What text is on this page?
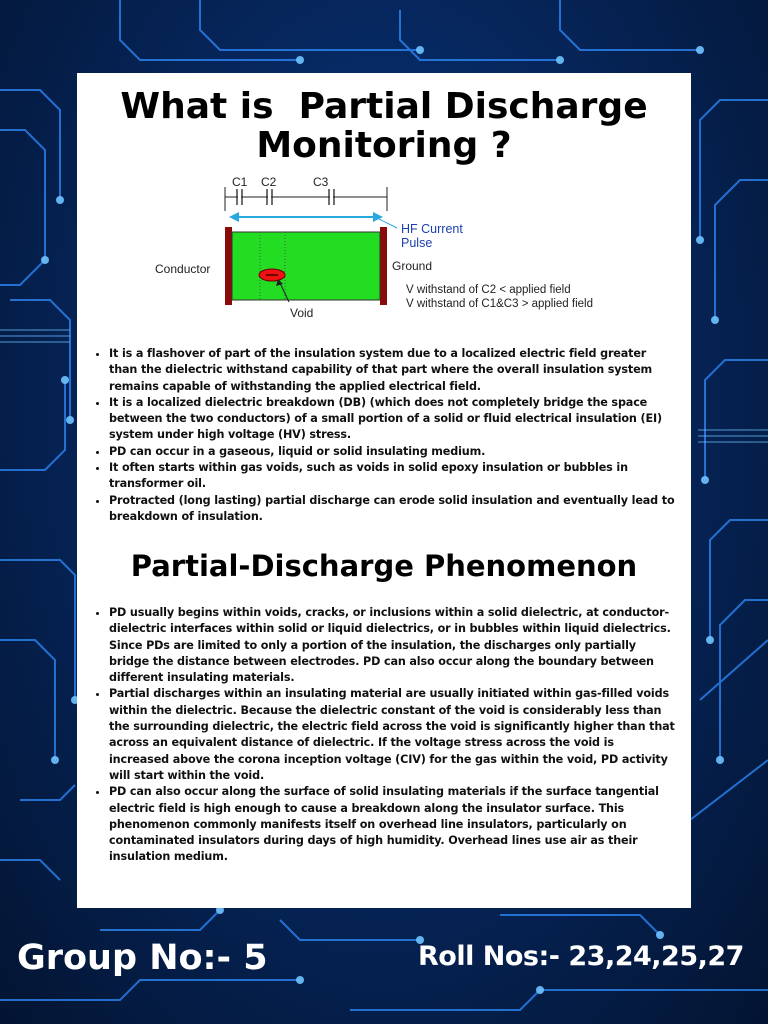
What is  Partial Discharge
Monitoring ?
C1 C2	C3
HF Current
Pulse
Void
Conductor	Ground
V withstand of C2 < applied field
V withstand of C1&C3 > applied field
• It is a flashover of part of the insulation system due to a localized electric field greater than the dielectric withstand capability of that part where the overall insulation system remains capable of withstanding the applied electrical field.
• It is a localized dielectric breakdown (DB) (which does not completely bridge the space between the two conductors) of a small portion of a solid or fluid electrical insulation (EI) system under high voltage (HV) stress.
• PD can occur in a gaseous, liquid or solid insulating medium.
• It often starts within gas voids, such as voids in solid epoxy insulation or bubbles in transformer oil.
• Protracted (long lasting) partial discharge can erode solid insulation and eventually lead to breakdown of insulation.
Partial-Discharge Phenomenon
• PD usually begins within voids, cracks, or inclusions within a solid dielectric, at conductor-dielectric interfaces within solid or liquid dielectrics, or in bubbles within liquid dielectrics. Since PDs are limited to only a portion of the insulation, the discharges only partially bridge the distance between electrodes. PD can also occur along the boundary between different insulating materials.
• Partial discharges within an insulating material are usually initiated within gas-filled voids within the dielectric. Because the dielectric constant of the void is considerably less than the surrounding dielectric, the electric field across the void is significantly higher than that across an equivalent distance of dielectric. If the voltage stress across the void is increased above the corona inception voltage (CIV) for the gas within the void, PD activity will start within the void.
• PD can also occur along the surface of solid insulating materials if the surface tangential electric field is high enough to cause a breakdown along the insulator surface. This phenomenon commonly manifests itself on overhead line insulators, particularly on contaminated insulators during days of high humidity. Overhead lines use air as their insulation medium.
Group No:- 5	Roll Nos:- 23,24,25,27
